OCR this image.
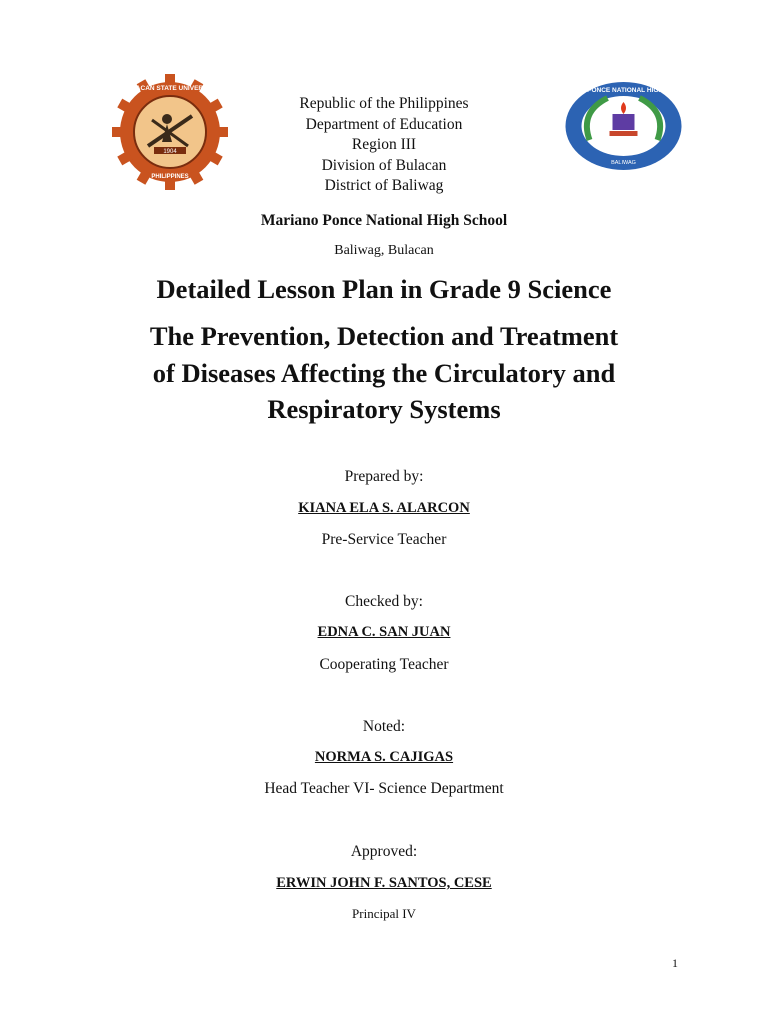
1904
BULACAN STATE UNIVERSITY
PHILIPPINES
Republic of the Philippines
Department of Education
Region III
Division of Bulacan
District of Baliwag
MARIANO PONCE NATIONAL HIGH SCHOOL
BALIWAG
Mariano Ponce National High School
Baliwag, Bulacan
Detailed Lesson Plan in Grade 9 Science
The Prevention, Detection and Treatment
of Diseases Affecting the Circulatory and
Respiratory Systems
Prepared by:
KIANA ELA S. ALARCON
Pre-Service Teacher
Checked by:
EDNA C. SAN JUAN
Cooperating Teacher
Noted:
NORMA S. CAJIGAS
Head Teacher VI- Science Department
Approved:
ERWIN JOHN F. SANTOS, CESE
Principal IV
1
